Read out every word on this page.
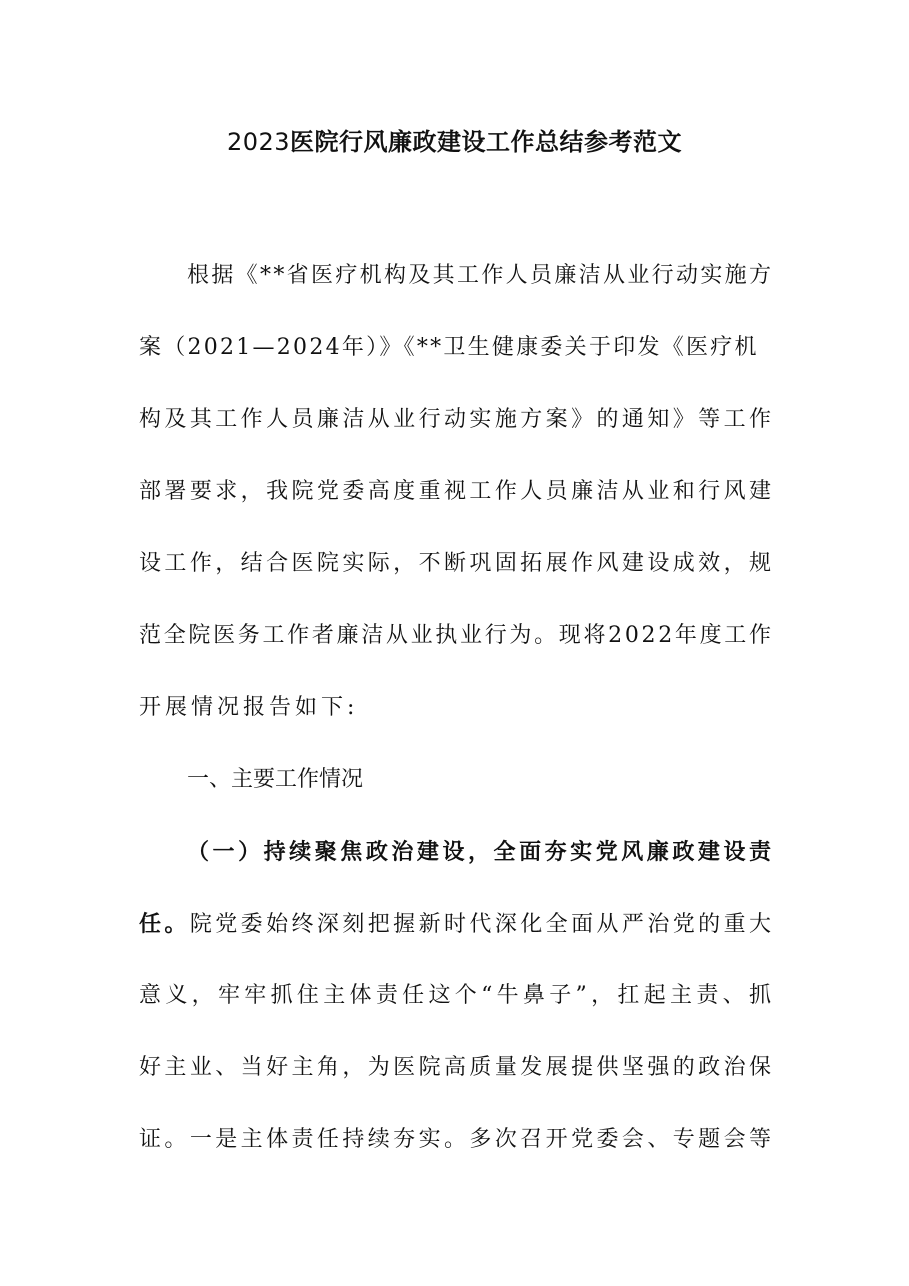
2023医院行风廉政建设工作总结参考范文
根据《**省医疗机构及其工作人员廉洁从业行动实施方
案（2021—2024年）》《**卫生健康委关于印发《医疗机
构及其工作人员廉洁从业行动实施方案》的通知》等工作
部署要求，我院党委高度重视工作人员廉洁从业和行风建
设工作，结合医院实际，不断巩固拓展作风建设成效，规
范全院医务工作者廉洁从业执业行为。现将2022年度工作
开展情况报告如下:
一、主要工作情况
（一）持续聚焦政治建设，全面夯实党风廉政建设责
任。院党委始终深刻把握新时代深化全面从严治党的重大
意义，牢牢抓住主体责任这个“牛鼻子”，扛起主责、抓
好主业、当好主角，为医院高质量发展提供坚强的政治保
证。一是主体责任持续夯实。多次召开党委会、专题会等
